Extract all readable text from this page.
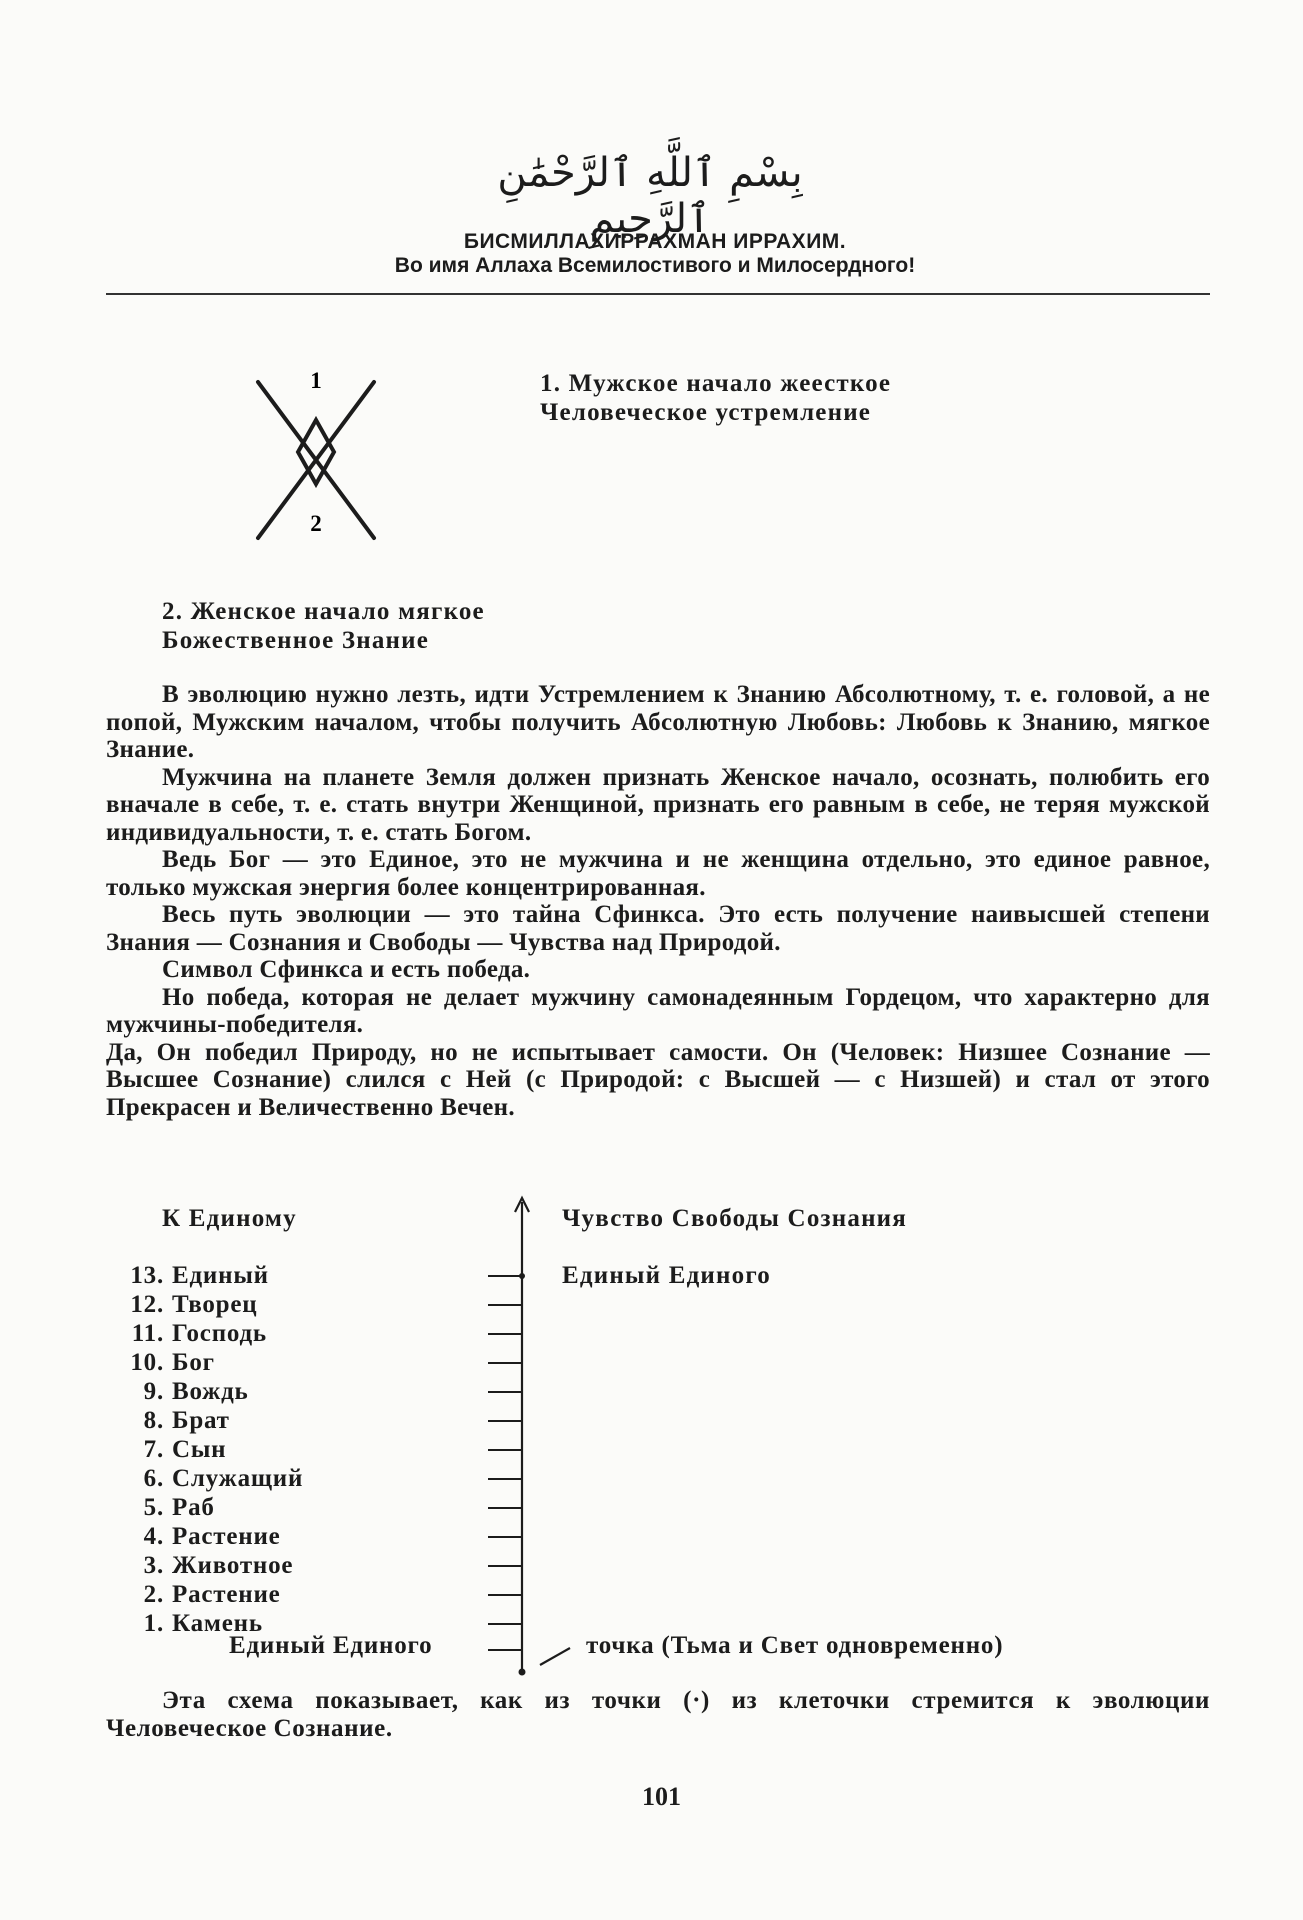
بِسْمِ ٱللَّهِ ٱلرَّحْمَٰنِ ٱلرَّحِيمِ
БИСМИЛЛАХИРРАХМАН ИРРАХИМ.
Во имя Аллаха Всемилостивого и Милосердного!
1
2
1. Мужское начало жеесткое
Человеческое устремление
2. Женское начало мягкое
Божественное Знание

В эволюцию нужно лезть, идти Устремлением к Знанию Абсолютному, т. е. головой, а не попой, Мужским началом, чтобы получить Абсолютную Любовь: Любовь к Знанию, мягкое Знание.

Мужчина на планете Земля должен признать Женское начало, осознать, полюбить его вначале в себе, т. е. стать внутри Женщиной, признать его равным в себе, не теряя мужской индивидуальности, т. е. стать Богом.

Ведь Бог — это Единое, это не мужчина и не женщина отдельно, это единое равное, только мужская энергия более концентрированная.

Весь путь эволюции — это тайна Сфинкса. Это есть получение наивысшей степени Знания — Сознания и Свободы — Чувства над Природой.

Символ Сфинкса и есть победа.

Но победа, которая не делает мужчину самонадеянным Гордецом, что характерно для мужчины-победителя.

Да, Он победил Природу, но не испытывает самости. Он (Человек: Низшее Сознание — Высшее Сознание) слился с Ней (с Природой: с Высшей — с Низшей) и стал от этого Прекрасен и Величественно Вечен.

К Единому	Чувство Свободы Сознания
Единый Единого
13. Единый
12. Творец
11. Господь
10. Бог
9. Вождь
8. Брат
7. Сын
6. Служащий
5. Раб
4. Растение
3. Животное
2. Растение
1. Камень
Единый Единого	точка (Тьма и Свет одновременно)

Эта схема показывает, как из точки (·) из клеточки стремится к эволюции Человеческое Сознание.

101
